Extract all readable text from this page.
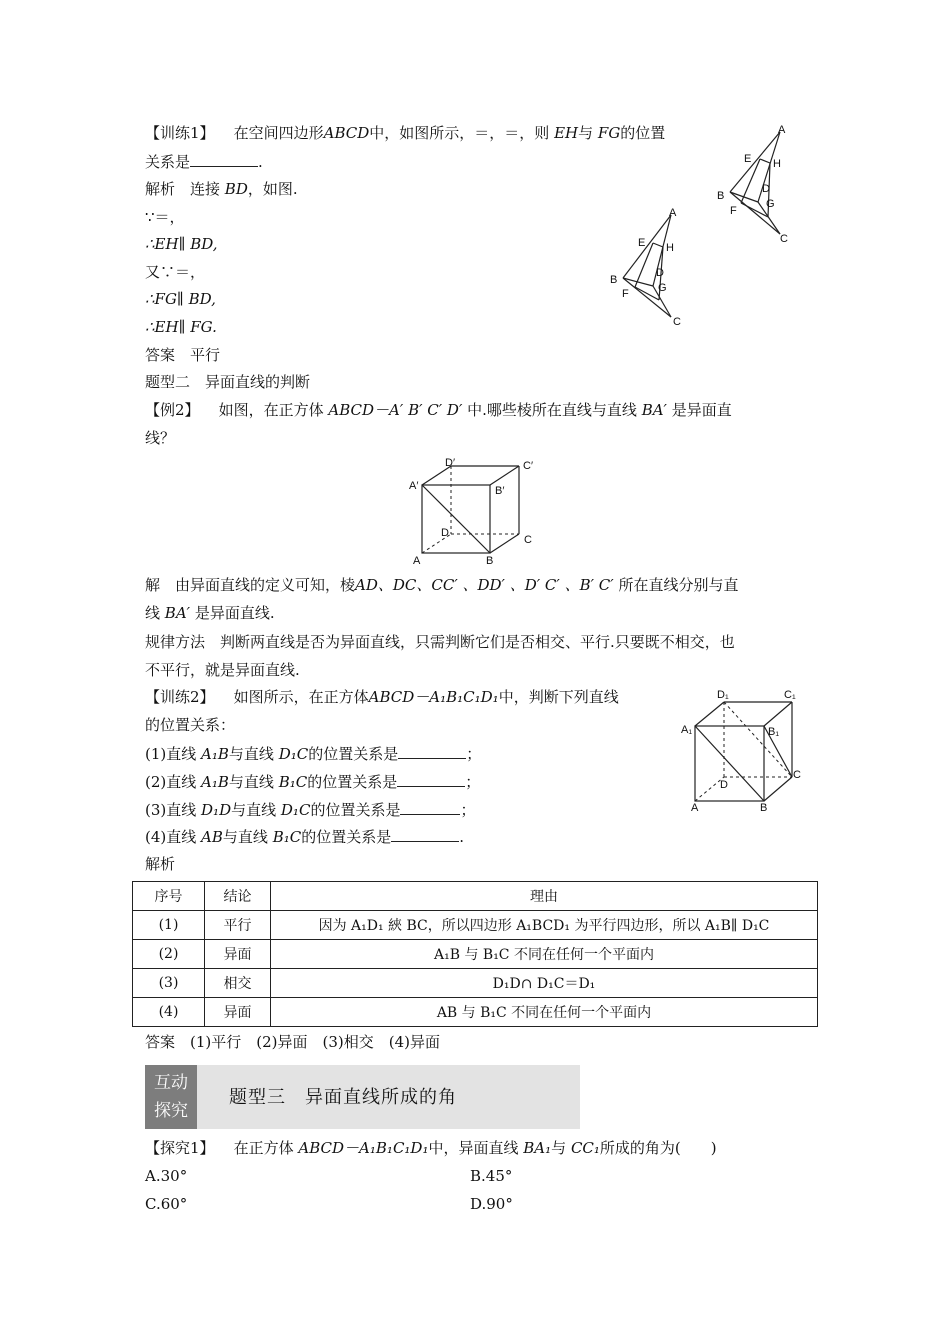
【训练1】 在空间四边形ABCD中，如图所示，＝，＝，则 EH与 FG的位置
关系是	.
解析　连接 BD，如图.
∵＝，
∴EH∥ BD,
又∵＝，
∴FG∥ BD,
∴EH∥ FG.
答案　平行
A
E H
B
D
G
F
C
A
E H
B
D
G
F
C
题型二　异面直线的判断
【例2】 如图，在正方体 ABCD－A′ B′ C′ D′ 中.哪些棱所在直线与直线 BA′ 是异面直
线？
D′	C′
A′	B′
D
C
A	B
解　由异面直线的定义可知，棱AD、DC、CC′ 、DD′ 、D′ C′ 、B′ C′ 所在直线分别与直
线 BA′ 是异面直线.
规律方法　判断两直线是否为异面直线，只需判断它们是否相交、平行.只要既不相交，也
不平行，就是异面直线.
【训练2】 如图所示，在正方体ABCD－A₁B₁C₁D₁中，判断下列直线
的位置关系：
(1)直线 A₁B与直线 D₁C的位置关系是	；
(2)直线 A₁B与直线 B₁C的位置关系是	；
(3)直线 D₁D与直线 D₁C的位置关系是	；
(4)直线 AB与直线 B₁C的位置关系是	.
解析
D₁	C₁
A₁	B₁
D
C
A	B
序号	结论	理由
(1)	平行	因为 A₁D₁ 綊 BC，所以四边形 A₁BCD₁ 为平行四边形，所以 A₁B∥ D₁C
(2)	异面	A₁B 与 B₁C 不同在任何一个平面内
(3)	相交	D₁D∩ D₁C＝D₁
(4)	异面	AB 与 B₁C 不同在任何一个平面内
答案　(1)平行　(2)异面　(3)相交　(4)异面
互动
探究
题型三　异面直线所成的角
【探究1】 在正方体 ABCD－A₁B₁C₁D₁中，异面直线 BA₁与 CC₁所成的角为(　　)
A.30°	B.45°
C.60°	D.90°
